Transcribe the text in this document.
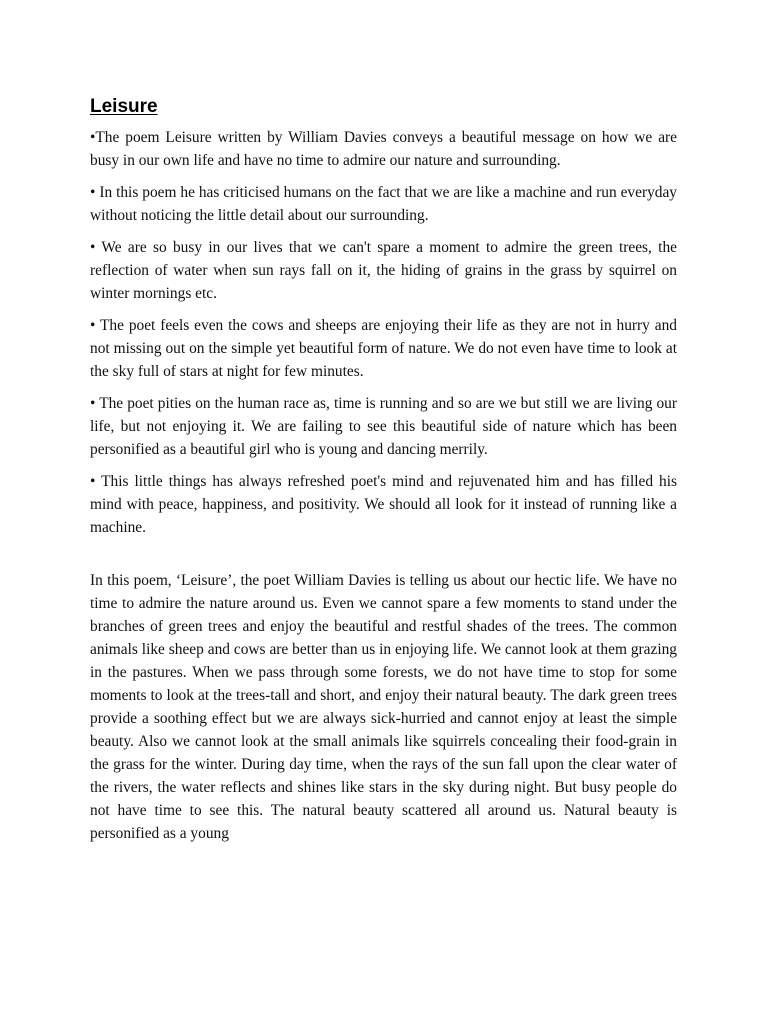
Leisure

•The poem Leisure written by William Davies conveys a beautiful message on how we are busy in our own life and have no time to admire our nature and surrounding.

• In this poem he has criticised humans on the fact that we are like a machine and run everyday without noticing the little detail about our surrounding.

• We are so busy in our lives that we can't spare a moment to admire the green trees, the reflection of water when sun rays fall on it, the hiding of grains in the grass by squirrel on winter mornings etc.

• The poet feels even the cows and sheeps are enjoying their life as they are not in hurry and not missing out on the simple yet beautiful form of nature. We do not even have time to look at the sky full of stars at night for few minutes.

• The poet pities on the human race as, time is running and so are we but still we are living our life, but not enjoying it. We are failing to see this beautiful side of nature which has been personified as a beautiful girl who is young and dancing merrily.

• This little things has always refreshed poet's mind and rejuvenated him and has filled his mind with peace, happiness, and positivity. We should all look for it instead of running like a machine.

In this poem, ‘Leisure’, the poet William Davies is telling us about our hectic life. We have no time to admire the nature around us. Even we cannot spare a few moments to stand under the branches of green trees and enjoy the beautiful and restful shades of the trees. The common animals like sheep and cows are better than us in enjoying life. We cannot look at them grazing in the pastures. When we pass through some forests, we do not have time to stop for some moments to look at the trees-tall and short, and enjoy their natural beauty. The dark green trees provide a soothing effect but we are always sick-hurried and cannot enjoy at least the simple beauty. Also we cannot look at the small animals like squirrels concealing their food-grain in the grass for the winter. During day time, when the rays of the sun fall upon the clear water of the rivers, the water reflects and shines like stars in the sky during night. But busy people do not have time to see this. The natural beauty scattered all around us. Natural beauty is personified as a young
